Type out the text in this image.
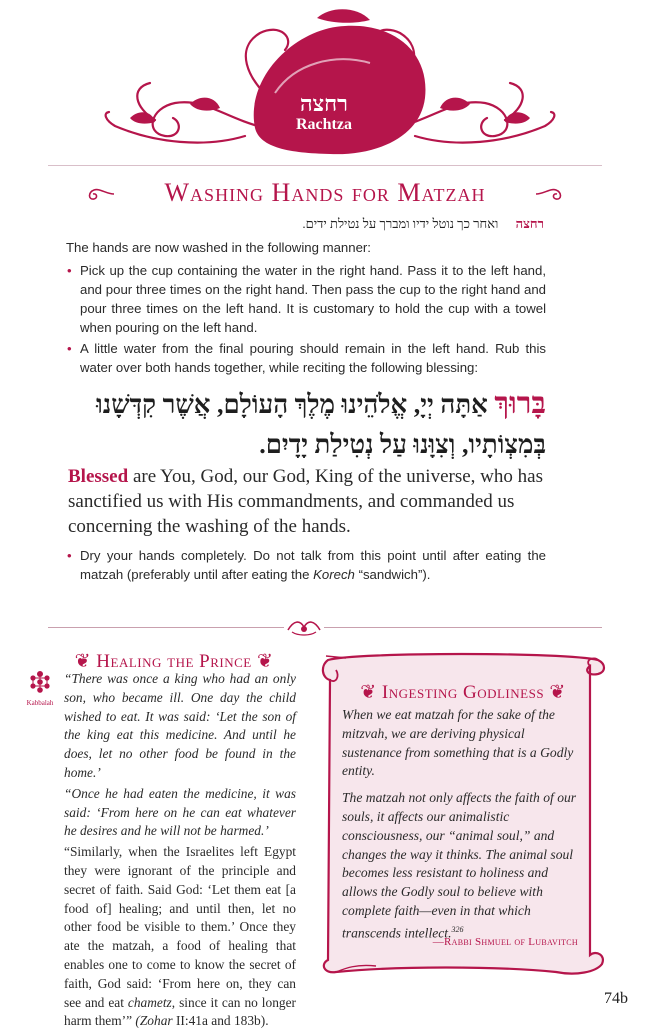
רחצה
Rachtza
Washing Hands for Matzah
רחצה ואחר כך נוטל ידיו ומברך על נטילת ידים.
The hands are now washed in the following manner:
• Pick up the cup containing the water in the right hand. Pass it to the left hand, and pour three times on the right hand. Then pass the cup to the right hand and pour three times on the left hand. It is customary to hold the cup with a towel when pouring on the left hand.
• A little water from the final pouring should remain in the left hand. Rub this water over both hands together, while reciting the following blessing:
בָּרוּךְ אַתָּה יְיָ, אֱלֹהֵינוּ מֶלֶךְ הָעוֹלָם, אֲשֶׁר קִדְּשָׁנוּ
בְּמִצְוֹתָיו, וְצִוָּנוּ עַל נְטִילַת יָדָיִם.
Blessed are You, God, our God, King of the universe, who has sanctified us with His commandments, and commanded us concerning the washing of the hands.
• Dry your hands completely. Do not talk from this point until after eating the matzah (preferably until after eating the Korech “sandwich”).
❦ Healing the Prince ❦
Kabbalah

“There was once a king who had an only son, who became ill. One day the child wished to eat. It was said: ‘Let the son of the king eat this medicine. And until he does, let no other food be found in the home.’

“Once he had eaten the medicine, it was said: ‘From here on he can eat whatever he desires and he will not be harmed.’

“Similarly, when the Israelites left Egypt they were ignorant of the principle and secret of faith. Said God: ‘Let them eat [a food of] healing; and until then, let no other food be visible to them.’ Once they ate the matzah, a food of healing that enables one to come to know the secret of faith, God said: ‘From here on, they can see and eat chametz, since it can no longer harm them’” (Zohar II:41a and 183b).

❦ Ingesting Godliness ❦

When we eat matzah for the sake of the mitzvah, we are deriving physical sustenance from something that is a Godly entity.

The matzah not only affects the faith of our souls, it affects our animalistic consciousness, our “animal soul,” and changes the way it thinks. The animal soul becomes less resistant to holiness and allows the Godly soul to believe with complete faith—even in that which transcends intellect.$^{326}$

—Rabbi Shmuel of Lubavitch
74b
